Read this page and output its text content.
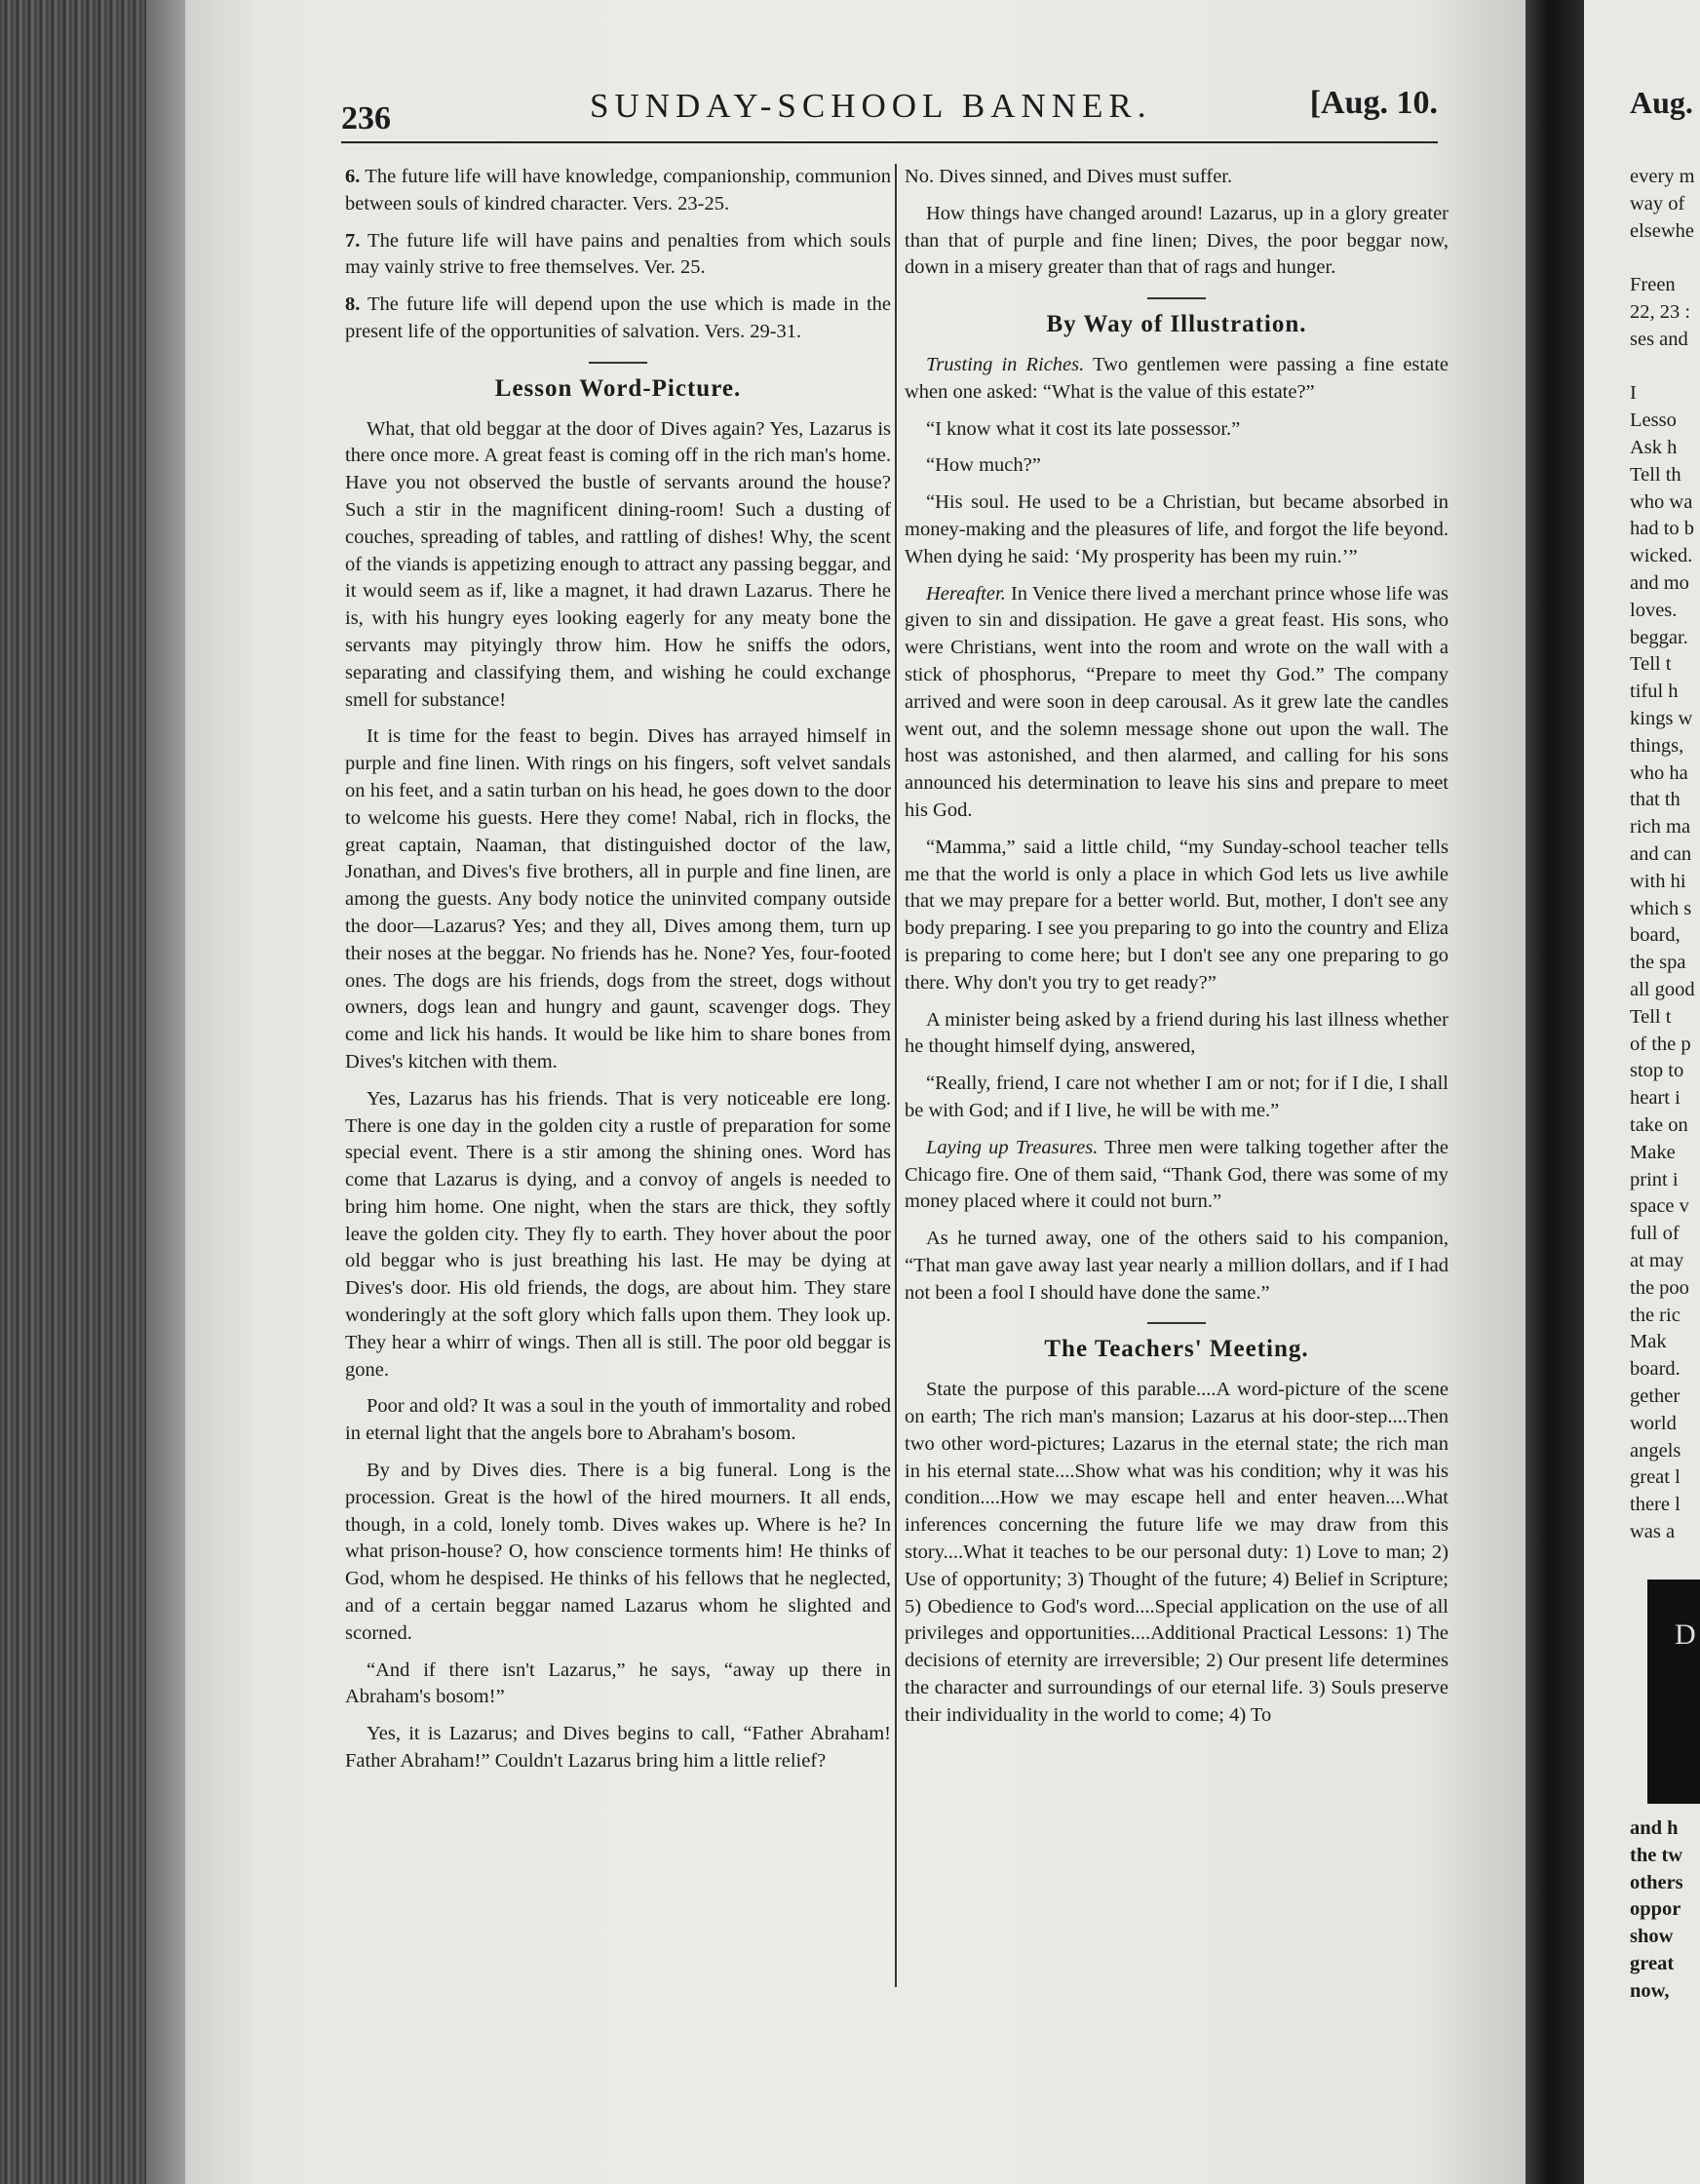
236	SUNDAY-SCHOOL BANNER.	[Aug. 10.

6. The future life will have knowledge, companionship, communion between souls of kindred character. Vers. 23-25.

7. The future life will have pains and penalties from which souls may vainly strive to free themselves. Ver. 25.

8. The future life will depend upon the use which is made in the present life of the opportunities of salvation. Vers. 29-31.

Lesson Word-Picture.

What, that old beggar at the door of Dives again? Yes, Lazarus is there once more. A great feast is coming off in the rich man's home. Have you not observed the bustle of servants around the house? Such a stir in the magnificent dining-room! Such a dusting of couches, spreading of tables, and rattling of dishes! Why, the scent of the viands is appetizing enough to attract any passing beggar, and it would seem as if, like a magnet, it had drawn Lazarus. There he is, with his hungry eyes looking eagerly for any meaty bone the servants may pityingly throw him. How he sniffs the odors, separating and classifying them, and wishing he could exchange smell for substance!

It is time for the feast to begin. Dives has arrayed himself in purple and fine linen. With rings on his fingers, soft velvet sandals on his feet, and a satin turban on his head, he goes down to the door to welcome his guests. Here they come! Nabal, rich in flocks, the great captain, Naaman, that distinguished doctor of the law, Jonathan, and Dives's five brothers, all in purple and fine linen, are among the guests. Any body notice the uninvited company outside the door—Lazarus? Yes; and they all, Dives among them, turn up their noses at the beggar. No friends has he. None? Yes, four-footed ones. The dogs are his friends, dogs from the street, dogs without owners, dogs lean and hungry and gaunt, scavenger dogs. They come and lick his hands. It would be like him to share bones from Dives's kitchen with them.

Yes, Lazarus has his friends. That is very noticeable ere long. There is one day in the golden city a rustle of preparation for some special event. There is a stir among the shining ones. Word has come that Lazarus is dying, and a convoy of angels is needed to bring him home. One night, when the stars are thick, they softly leave the golden city. They fly to earth. They hover about the poor old beggar who is just breathing his last. He may be dying at Dives's door. His old friends, the dogs, are about him. They stare wonderingly at the soft glory which falls upon them. They look up. They hear a whirr of wings. Then all is still. The poor old beggar is gone.

Poor and old? It was a soul in the youth of immortality and robed in eternal light that the angels bore to Abraham's bosom.

By and by Dives dies. There is a big funeral. Long is the procession. Great is the howl of the hired mourners. It all ends, though, in a cold, lonely tomb. Dives wakes up. Where is he? In what prison-house? O, how conscience torments him! He thinks of God, whom he despised. He thinks of his fellows that he neglected, and of a certain beggar named Lazarus whom he slighted and scorned.

“And if there isn't Lazarus,” he says, “away up there in Abraham's bosom!”

Yes, it is Lazarus; and Dives begins to call, “Father Abraham! Father Abraham!” Couldn't Lazarus bring him a little relief?

No. Dives sinned, and Dives must suffer.

How things have changed around! Lazarus, up in a glory greater than that of purple and fine linen; Dives, the poor beggar now, down in a misery greater than that of rags and hunger.

By Way of Illustration.

Trusting in Riches. Two gentlemen were passing a fine estate when one asked: “What is the value of this estate?”

“I know what it cost its late possessor.”

“How much?”

“His soul. He used to be a Christian, but became absorbed in money-making and the pleasures of life, and forgot the life beyond. When dying he said: ‘My prosperity has been my ruin.’”

Hereafter. In Venice there lived a merchant prince whose life was given to sin and dissipation. He gave a great feast. His sons, who were Christians, went into the room and wrote on the wall with a stick of phosphorus, “Prepare to meet thy God.” The company arrived and were soon in deep carousal. As it grew late the candles went out, and the solemn message shone out upon the wall. The host was astonished, and then alarmed, and calling for his sons announced his determination to leave his sins and prepare to meet his God.

“Mamma,” said a little child, “my Sunday-school teacher tells me that the world is only a place in which God lets us live awhile that we may prepare for a better world. But, mother, I don't see any body preparing. I see you preparing to go into the country and Eliza is preparing to come here; but I don't see any one preparing to go there. Why don't you try to get ready?”

A minister being asked by a friend during his last illness whether he thought himself dying, answered,

“Really, friend, I care not whether I am or not; for if I die, I shall be with God; and if I live, he will be with me.”

Laying up Treasures. Three men were talking together after the Chicago fire. One of them said, “Thank God, there was some of my money placed where it could not burn.”

As he turned away, one of the others said to his companion, “That man gave away last year nearly a million dollars, and if I had not been a fool I should have done the same.”

The Teachers' Meeting.

State the purpose of this parable....A word-picture of the scene on earth; The rich man's mansion; Lazarus at his door-step....Then two other word-pictures; Lazarus in the eternal state; the rich man in his eternal state....Show what was his condition; why it was his condition....How we may escape hell and enter heaven....What inferences concerning the future life we may draw from this story....What it teaches to be our personal duty: 1) Love to man; 2) Use of opportunity; 3) Thought of the future; 4) Belief in Scripture; 5) Obedience to God's word....Special application on the use of all privileges and opportunities....Additional Practical Lessons: 1) The decisions of eternity are irreversible; 2) Our present life determines the character and surroundings of our eternal life. 3) Souls preserve their individuality in the world to come; 4) To

Aug.
every m
way of
elsewhe
Freen
22, 23 :
ses and
I
Lesso
Ask h
Tell th
who wa
had to b
wicked.
and mo
loves.
beggar.
Tell t
tiful h
kings w
things,
who ha
that th
rich ma
and can
with hi
which s
board,
the spa
all good
Tell t
of the p
stop to
heart i
take on
Make
print i
space v
full of
at may
the poo
the ric
Mak
board.
gether
world
angels
great l
there l
was a
and h
the tw
others
oppor
show
great
now,
D
